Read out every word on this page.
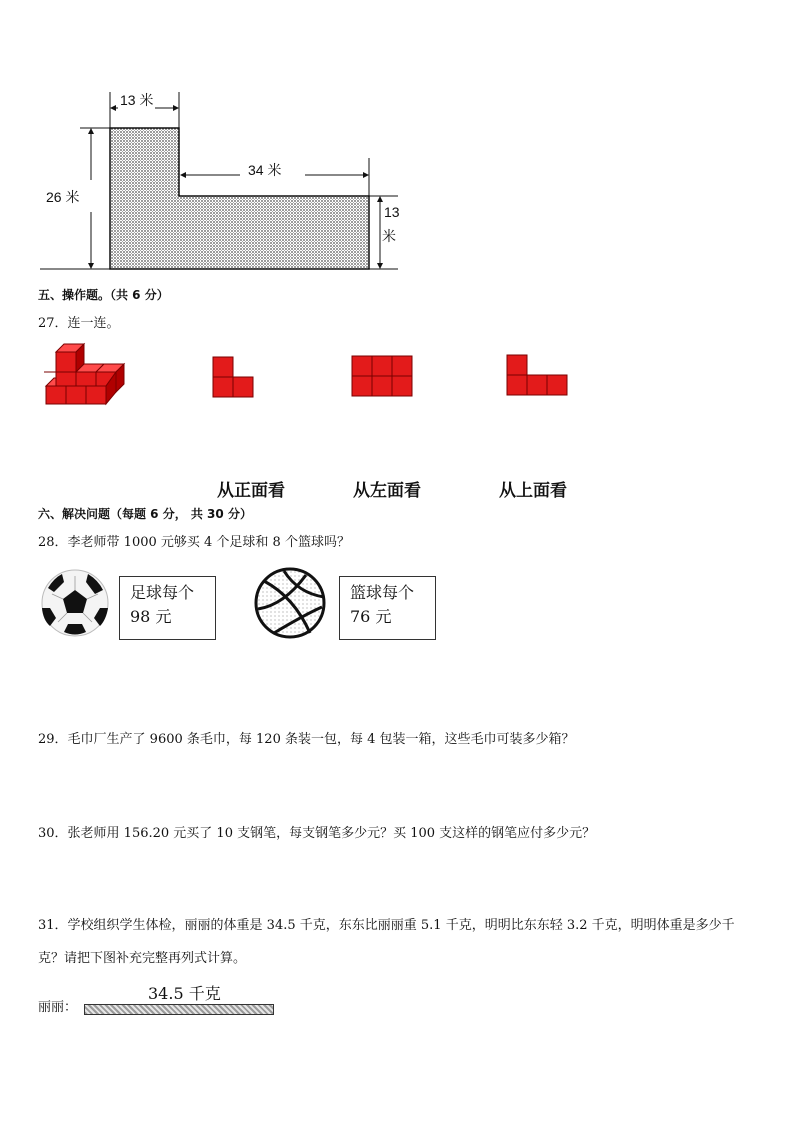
13 米
34 米
26 米
13
米
五、操作题。（共 6 分）
27．连一连。
从正面看	从左面看	从上面看
六、解决问题（每题 6 分， 共 30 分）
28．李老师带 1000 元够买 4 个足球和 8 个篮球吗？
足球每个
98 元
篮球每个
76 元
29．毛巾厂生产了 9600 条毛巾，每 120 条装一包，每 4 包装一箱，这些毛巾可装多少箱？
30．张老师用 156.20 元买了 10 支钢笔，每支钢笔多少元？买 100 支这样的钢笔应付多少元？
31．学校组织学生体检，丽丽的体重是 34.5 千克，东东比丽丽重 5.1 千克，明明比东东轻 3.2 千克，明明体重是多少千
克？请把下图补充完整再列式计算。
丽丽：
34.5 千克
